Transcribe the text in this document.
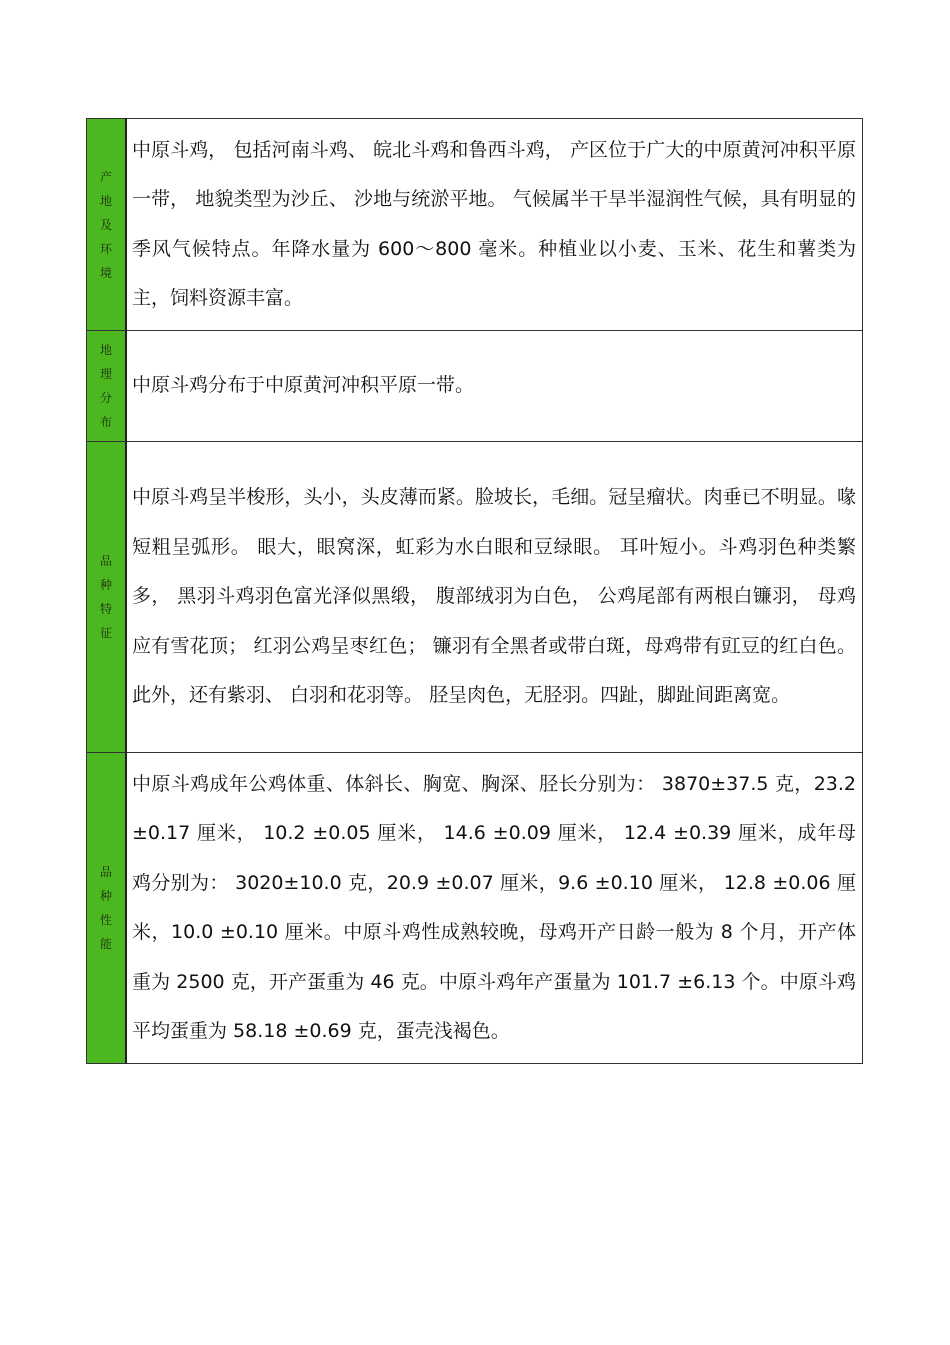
产地及环境	中原斗鸡， 包括河南斗鸡、 皖北斗鸡和鲁西斗鸡， 产区位于广大的中原黄河冲积平原一带， 地貌类型为沙丘、 沙地与统淤平地。 气候属半干旱半湿润性气候，具有明显的季风气候特点。年降水量为 600～800 毫米。种植业以小麦、玉米、花生和薯类为主，饲料资源丰富。
地理分布	中原斗鸡分布于中原黄河冲积平原一带。
品种特征	中原斗鸡呈半梭形，头小，头皮薄而紧。脸坡长，毛细。冠呈瘤状。肉垂已不明显。喙短粗呈弧形。 眼大，眼窝深，虹彩为水白眼和豆绿眼。 耳叶短小。斗鸡羽色种类繁多， 黑羽斗鸡羽色富光泽似黑缎， 腹部绒羽为白色， 公鸡尾部有两根白镰羽， 母鸡应有雪花顶； 红羽公鸡呈枣红色； 镰羽有全黑者或带白斑，母鸡带有豇豆的红白色。 此外，还有紫羽、 白羽和花羽等。 胫呈肉色，无胫羽。四趾，脚趾间距离宽。
品种性能	中原斗鸡成年公鸡体重、体斜长、胸宽、胸深、胫长分别为： 3870±37.5 克，23.2 ±0.17 厘米， 10.2 ±0.05 厘米， 14.6 ±0.09 厘米， 12.4 ±0.39 厘米，成年母鸡分别为： 3020±10.0 克，20.9 ±0.07 厘米，9.6 ±0.10 厘米， 12.8 ±0.06 厘米，10.0 ±0.10 厘米。中原斗鸡性成熟较晚，母鸡开产日龄一般为 8 个月，开产体重为 2500 克，开产蛋重为 46 克。中原斗鸡年产蛋量为 101.7 ±6.13 个。中原斗鸡平均蛋重为 58.18 ±0.69 克，蛋壳浅褐色。
